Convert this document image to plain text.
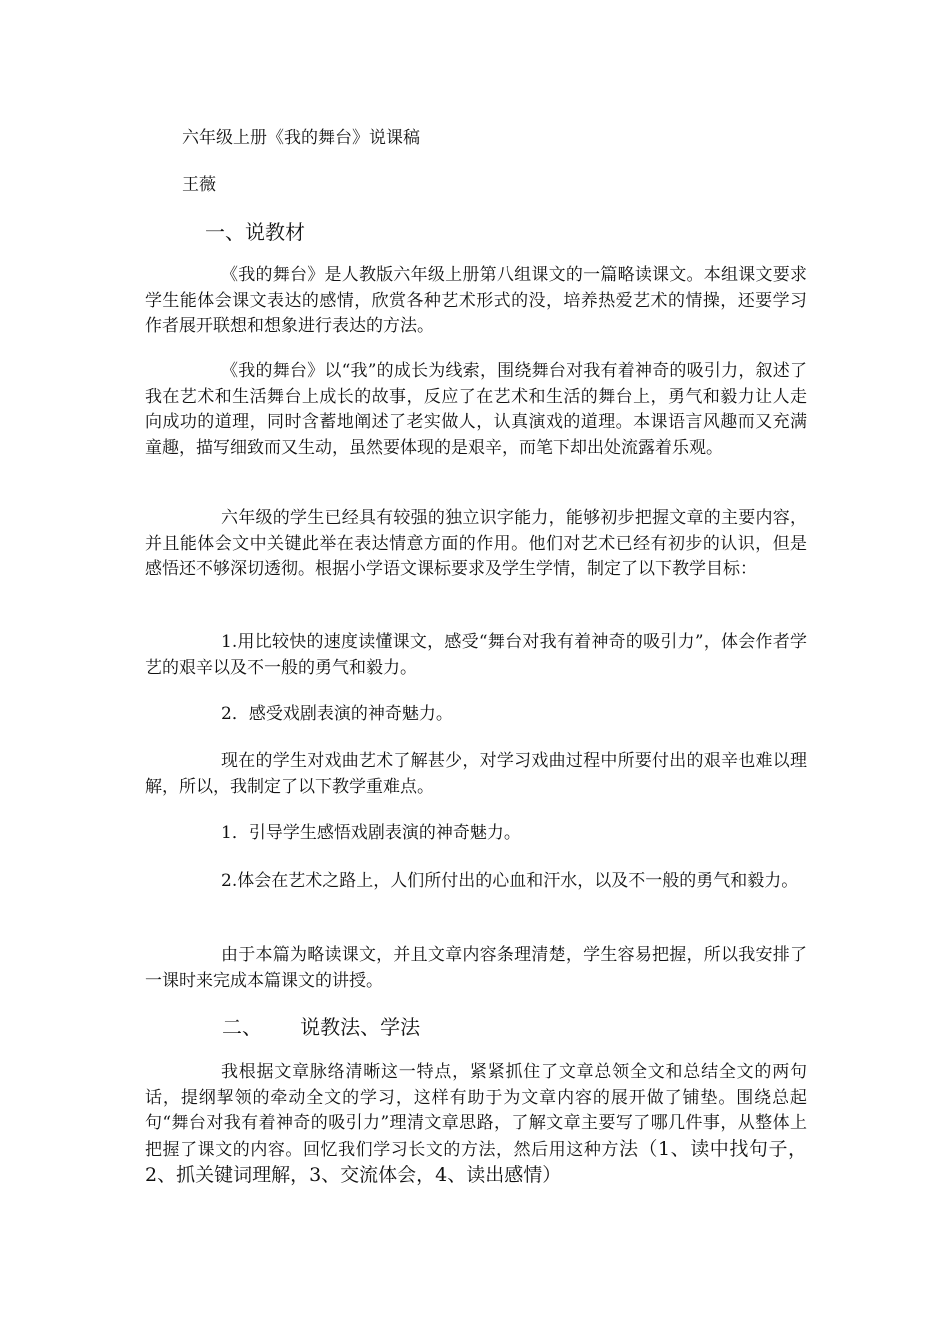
六年级上册《我的舞台》说课稿
王薇
一、说教材

《我的舞台》是人教版六年级上册第八组课文的一篇略读课文。本组课文要求学生能体会课文表达的感情，欣赏各种艺术形式的没，培养热爱艺术的情操，还要学习作者展开联想和想象进行表达的方法。

《我的舞台》以“我”的成长为线索，围绕舞台对我有着神奇的吸引力，叙述了我在艺术和生活舞台上成长的故事，反应了在艺术和生活的舞台上，勇气和毅力让人走向成功的道理，同时含蓄地阐述了老实做人，认真演戏的道理。本课语言风趣而又充满童趣，描写细致而又生动，虽然要体现的是艰辛，而笔下却出处流露着乐观。

六年级的学生已经具有较强的独立识字能力，能够初步把握文章的主要内容，并且能体会文中关键此举在表达情意方面的作用。他们对艺术已经有初步的认识，但是感悟还不够深切透彻。根据小学语文课标要求及学生学情，制定了以下教学目标：

1.用比较快的速度读懂课文，感受“舞台对我有着神奇的吸引力”，体会作者学艺的艰辛以及不一般的勇气和毅力。

2．感受戏剧表演的神奇魅力。

现在的学生对戏曲艺术了解甚少，对学习戏曲过程中所要付出的艰辛也难以理解，所以，我制定了以下教学重难点。

1．引导学生感悟戏剧表演的神奇魅力。

2.体会在艺术之路上，人们所付出的心血和汗水，以及不一般的勇气和毅力。

由于本篇为略读课文，并且文章内容条理清楚，学生容易把握，所以我安排了一课时来完成本篇课文的讲授。

二、      说教法、学法

我根据文章脉络清晰这一特点，紧紧抓住了文章总领全文和总结全文的两句话，提纲挈领的牵动全文的学习，这样有助于为文章内容的展开做了铺垫。围绕总起句“舞台对我有着神奇的吸引力”理清文章思路，了解文章主要写了哪几件事，从整体上把握了课文的内容。回忆我们学习长文的方法，然后用这种方法（1、读中找句子，2、抓关键词理解，3、交流体会，4、读出感情）
